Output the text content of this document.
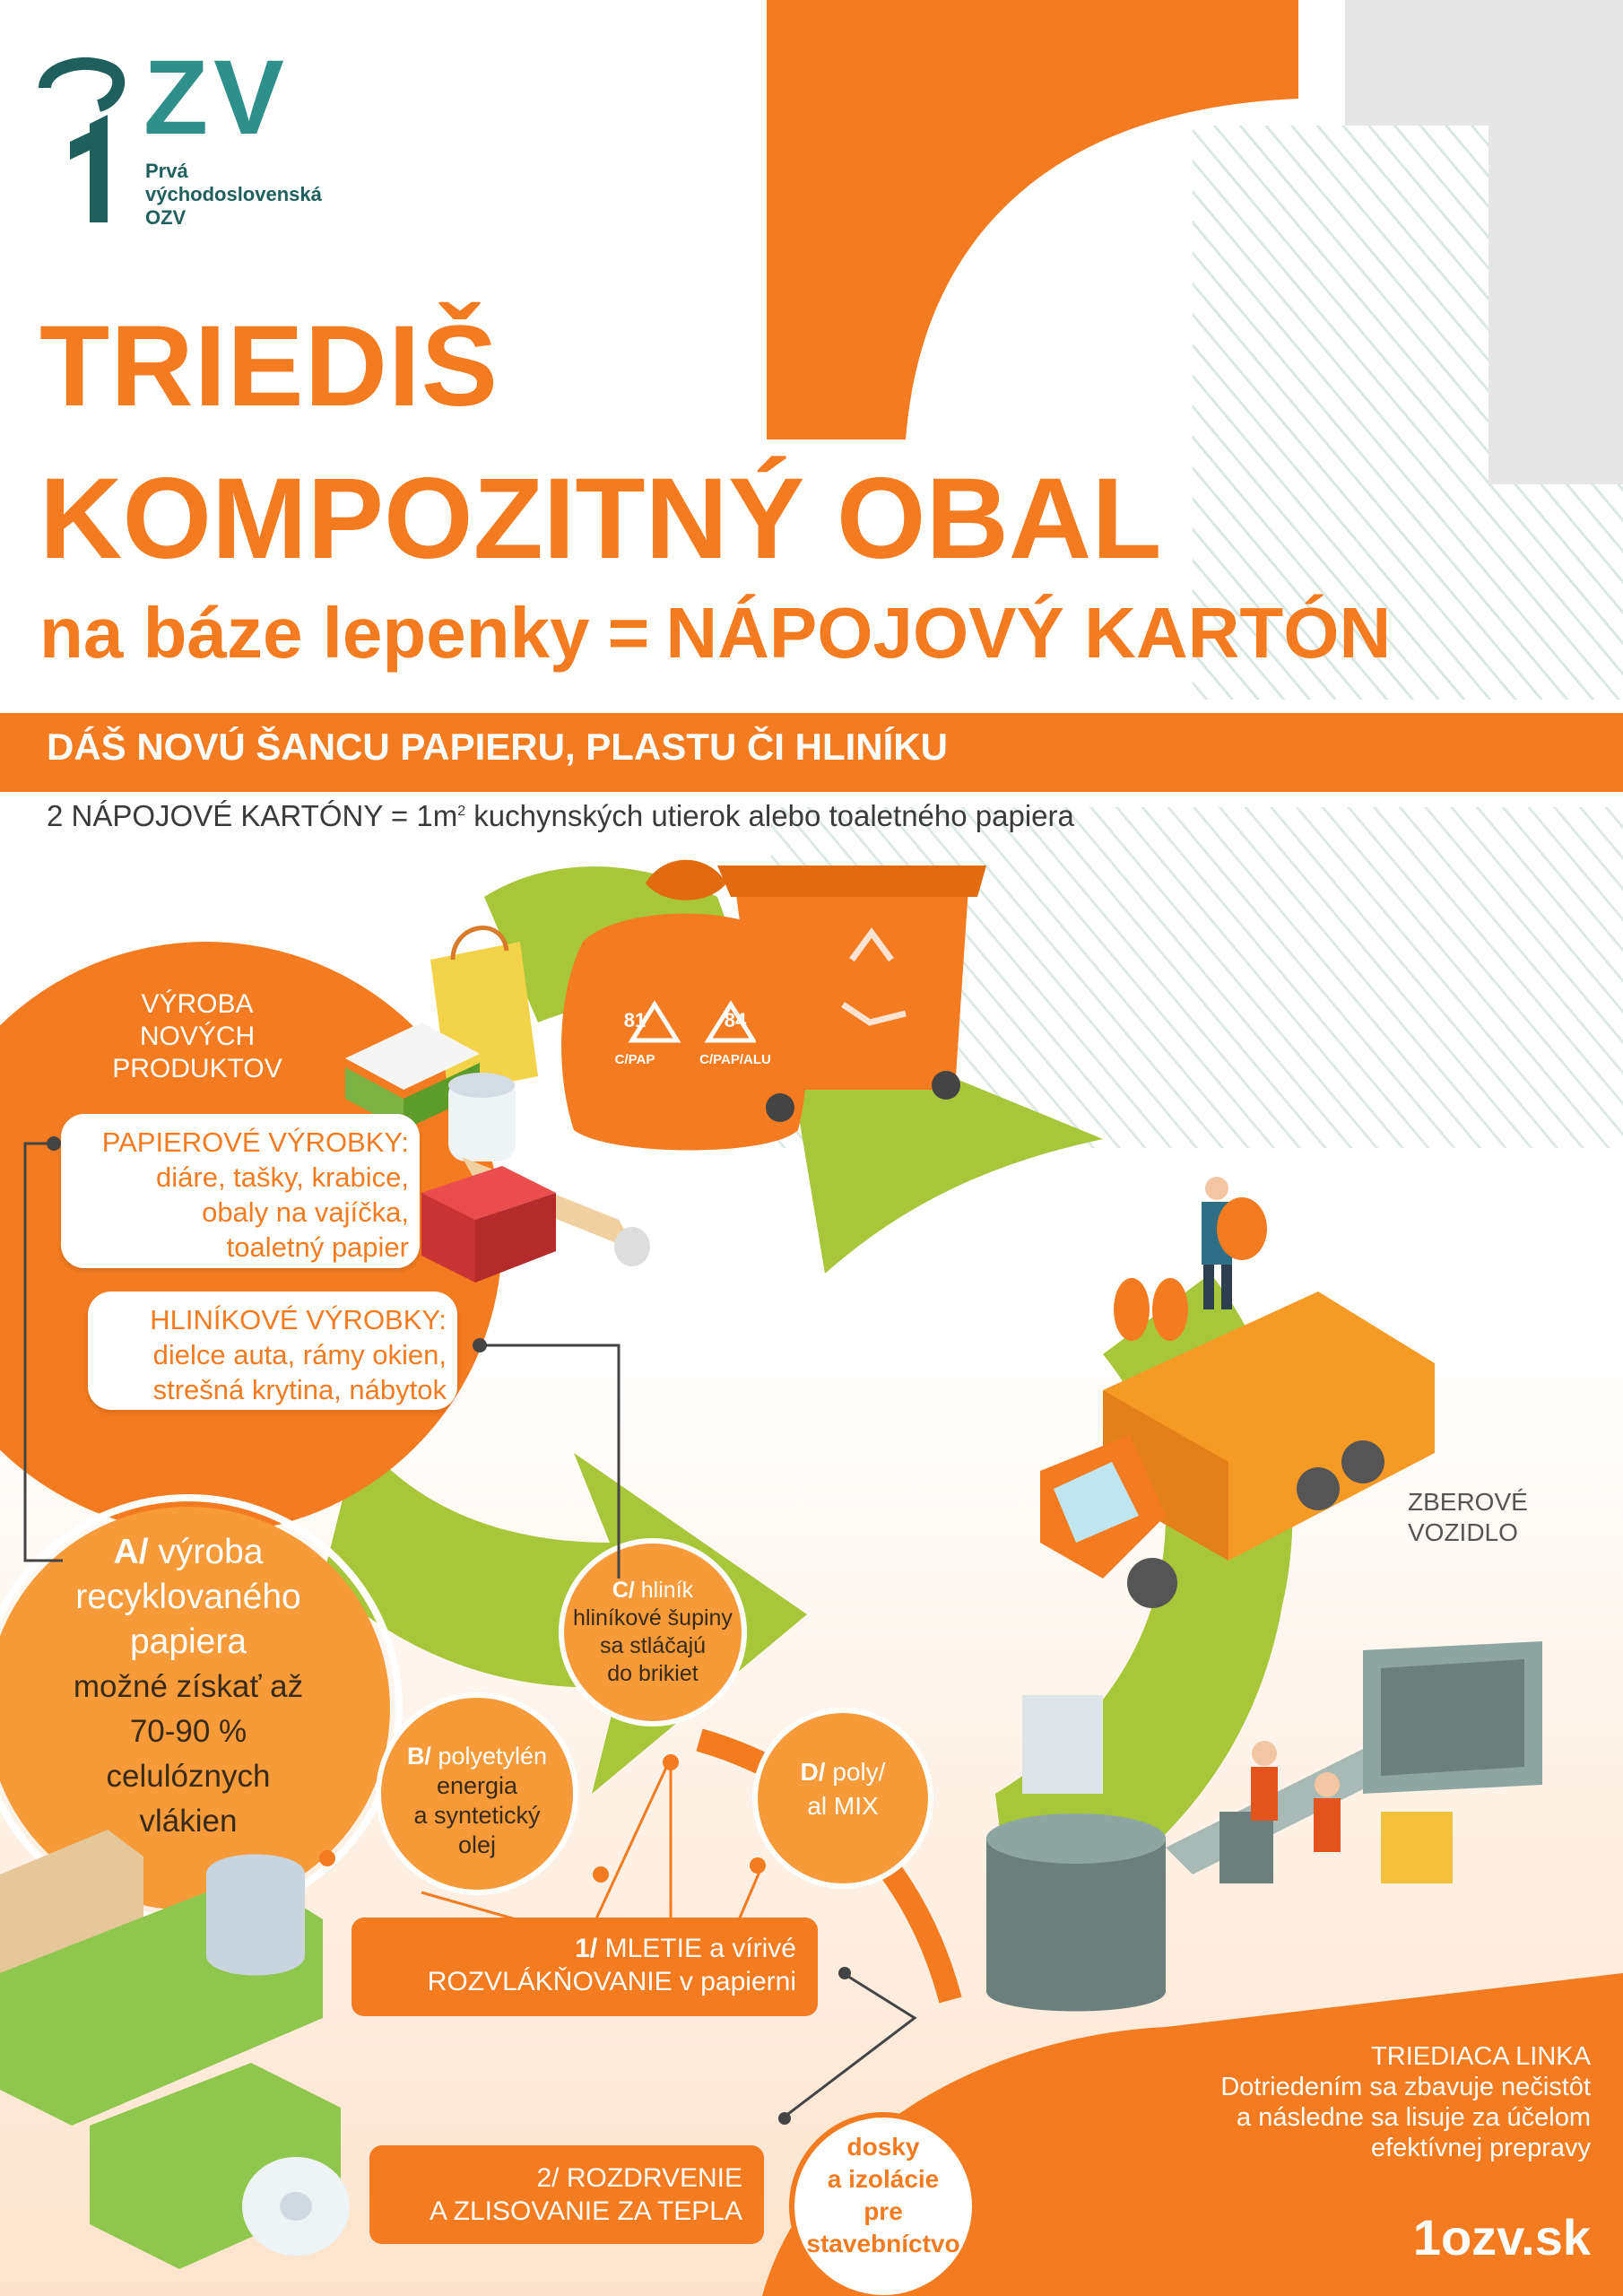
ZV
Prvá
východoslovenská
OZV
TRIEDIŠ
KOMPOZITNÝ OBAL
na báze lepenky = NÁPOJOVÝ KARTÓN
DÁŠ NOVÚ ŠANCU PAPIERU, PLASTU ČI HLINÍKU
2 NÁPOJOVÉ KARTÓNY = $1m^2$ kuchynských utierok alebo toaletného papiera
81
C/PAP
84
C/PAP/ALU
VÝROBA
NOVÝCH
PRODUKTOV
PAPIEROVÉ VÝROBKY:
diáre, tašky, krabice,
obaly na vajíčka,
toaletný papier
HLINÍKOVÉ VÝROBKY:
dielce auta, rámy okien,
strešná krytina, nábytok
A/ výroba
recyklovaného
papiera
možné získať až
70-90 %
celulóznych
vlákien
B/ polyetylén
energia
a syntetický
olej
C/ hliník
hliníkové šupiny
sa stláčajú
do brikiet
D/ poly/
al MIX
1/ MLETIE a vírivé
ROZVLÁKŇOVANIE v papierni
2/ ROZDRVENIE
A ZLISOVANIE ZA TEPLA
dosky
a izolácie
pre
stavebníctvo
ZBEROVÉ
VOZIDLO
TRIEDIACA LINKA
Dotriedením sa zbavuje nečistôt
a následne sa lisuje za účelom
efektívnej prepravy
1ozv.sk
